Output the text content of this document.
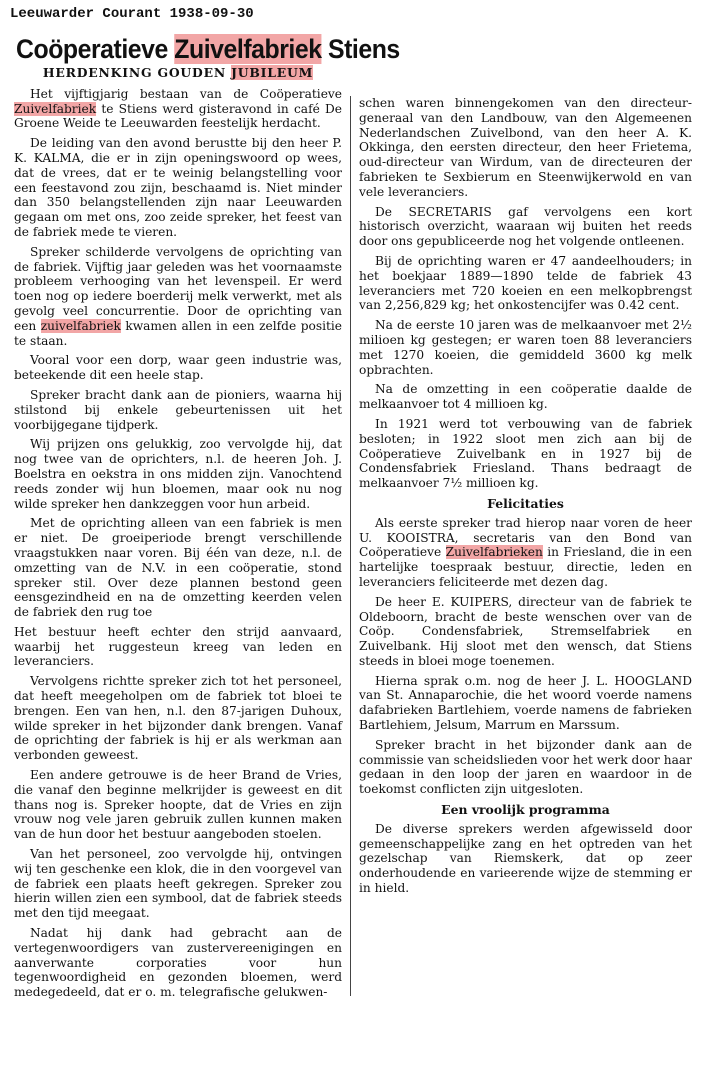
Leeuwarder Courant 1938-09-30
Coöperatieve Zuivelfabriek Stiens
HERDENKING GOUDEN JUBILEUM

Het vijftigjarig bestaan van de Coöperatieve Zuivelfabriek te Stiens werd gisteravond in café De Groene Weide te Leeuwarden feestelijk herdacht.

De leiding van den avond berustte bij den heer P. K. KALMA, die er in zijn openingswoord op wees, dat de vrees, dat er te weinig belangstelling voor een feestavond zou zijn, beschaamd is. Niet minder dan 350 belangstellenden zijn naar Leeuwarden gegaan om met ons, zoo zeide spreker, het feest van de fabriek mede te vieren.

Spreker schilderde vervolgens de oprichting van de fabriek. Vijftig jaar geleden was het voornaamste probleem verhooging van het levenspeil. Er werd toen nog op iedere boerderij melk verwerkt, met als gevolg veel concurrentie. Door de oprichting van een zuivelfabriek kwamen allen in een zelfde positie te staan.

Vooral voor een dorp, waar geen industrie was, beteekende dit een heele stap.

Spreker bracht dank aan de pioniers, waarna hij stilstond bij enkele gebeurtenissen uit het voorbijgegane tijdperk.

Wij prijzen ons gelukkig, zoo vervolgde hij, dat nog twee van de oprichters, n.l. de heeren Joh. J. Boelstra en oekstra in ons midden zijn. Vanochtend reeds zonder wij hun bloemen, maar ook nu nog wilde spreker hen dankzeggen voor hun arbeid.

Met de oprichting alleen van een fabriek is men er niet. De groeiperiode brengt verschillende vraagstukken naar voren. Bij één van deze, n.l. de omzetting van de N.V. in een coöperatie, stond spreker stil. Over deze plannen bestond geen eensgezindheid en na de omzetting keerden velen de fabriek den rug toe

Het bestuur heeft echter den strijd aanvaard, waarbij het ruggesteun kreeg van leden en leveranciers.

Vervolgens richtte spreker zich tot het personeel, dat heeft meegeholpen om de fabriek tot bloei te brengen. Een van hen, n.l. den 87-jarigen Duhoux, wilde spreker in het bijzonder dank brengen. Vanaf de oprichting der fabriek is hij er als werkman aan verbonden geweest.

Een andere getrouwe is de heer Brand de Vries, die vanaf den beginne melkrijder is geweest en dit thans nog is. Spreker hoopte, dat de Vries en zijn vrouw nog vele jaren gebruik zullen kunnen maken van de hun door het bestuur aangeboden stoelen.

Van het personeel, zoo vervolgde hij, ontvingen wij ten geschenke een klok, die in den voorgevel van de fabriek een plaats heeft gekregen. Spreker zou hierin willen zien een symbool, dat de fabriek steeds met den tijd meegaat.

Nadat hij dank had gebracht aan de vertegenwoordigers van zustervereenigingen en aanverwante corporaties voor hun tegenwoordigheid en gezonden bloemen, werd medegedeeld, dat er o. m. telegrafische gelukwen-

schen waren binnengekomen van den directeur-generaal van den Landbouw, van den Algemeenen Nederlandschen Zuivelbond, van den heer A. K. Okkinga, den eersten directeur, den heer Frietema, oud-directeur van Wirdum, van de directeuren der fabrieken te Sexbierum en Steenwijkerwold en van vele leveranciers.

De SECRETARIS gaf vervolgens een kort historisch overzicht, waaraan wij buiten het reeds door ons gepubliceerde nog het volgende ontleenen.

Bij de oprichting waren er 47 aandeelhouders; in het boekjaar 1889—1890 telde de fabriek 43 leveranciers met 720 koeien en een melkopbrengst van 2,256,829 kg; het onkostencijfer was 0.42 cent.

Na de eerste 10 jaren was de melkaanvoer met 2½ milioen kg gestegen; er waren toen 88 leveranciers met 1270 koeien, die gemiddeld 3600 kg melk opbrachten.

Na de omzetting in een coöperatie daalde de melkaanvoer tot 4 millioen kg.

In 1921 werd tot verbouwing van de fabriek besloten; in 1922 sloot men zich aan bij de Coöperatieve Zuivelbank en in 1927 bij de Condensfabriek Friesland. Thans bedraagt de melkaanvoer 7½ millioen kg.

Felicitaties

Als eerste spreker trad hierop naar voren de heer U. KOOISTRA, secretaris van den Bond van Coöperatieve Zuivelfabrieken in Friesland, die in een hartelijke toespraak bestuur, directie, leden en leveranciers feliciteerde met dezen dag.

De heer E. KUIPERS, directeur van de fabriek te Oldeboorn, bracht de beste wenschen over van de Coöp. Condensfabriek, Stremselfabriek en Zuivelbank. Hij sloot met den wensch, dat Stiens steeds in bloei moge toenemen.

Hierna sprak o.m. nog de heer J. L. HOOGLAND van St. Annaparochie, die het woord voerde namens dafabrieken Bartlehiem, voerde namens de fabrieken Bartlehiem, Jelsum, Marrum en Marssum.

Spreker bracht in het bijzonder dank aan de commissie van scheidslieden voor het werk door haar gedaan in den loop der jaren en waardoor in de toekomst conflicten zijn uitgesloten.

Een vroolijk programma

De diverse sprekers werden afgewisseld door gemeenschappelijke zang en het optreden van het gezelschap van Riemskerk, dat op zeer onderhoudende en varieerende wijze de stemming er in hield.
